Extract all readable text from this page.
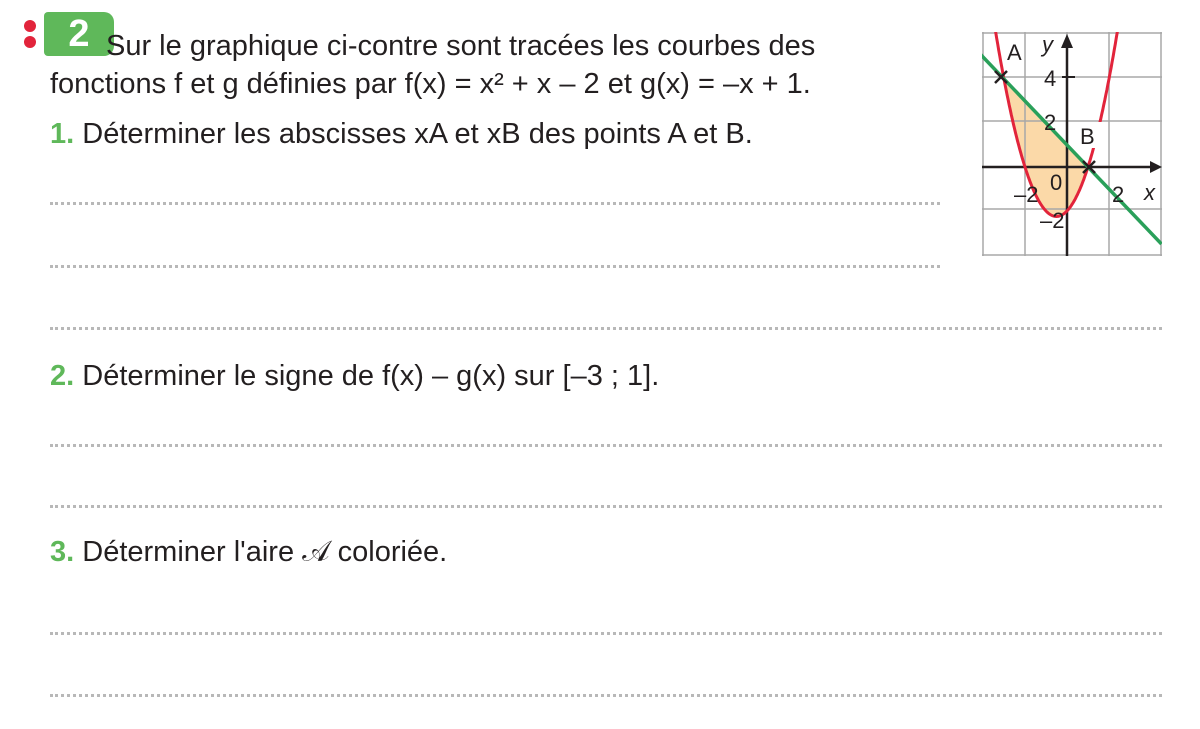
2 Sur le graphique ci-contre sont tracées les courbes des
fonctions f et g définies par f(x) = x² + x – 2 et g(x) = –x + 1.
1. Déterminer les abscisses xA et xB des points A et B.
2. Déterminer le signe de f(x) – g(x) sur [–3 ; 1].
3. Déterminer l'aire 𝒜 coloriée.
A
B
y
x
4
2
0
–2
–2
2
